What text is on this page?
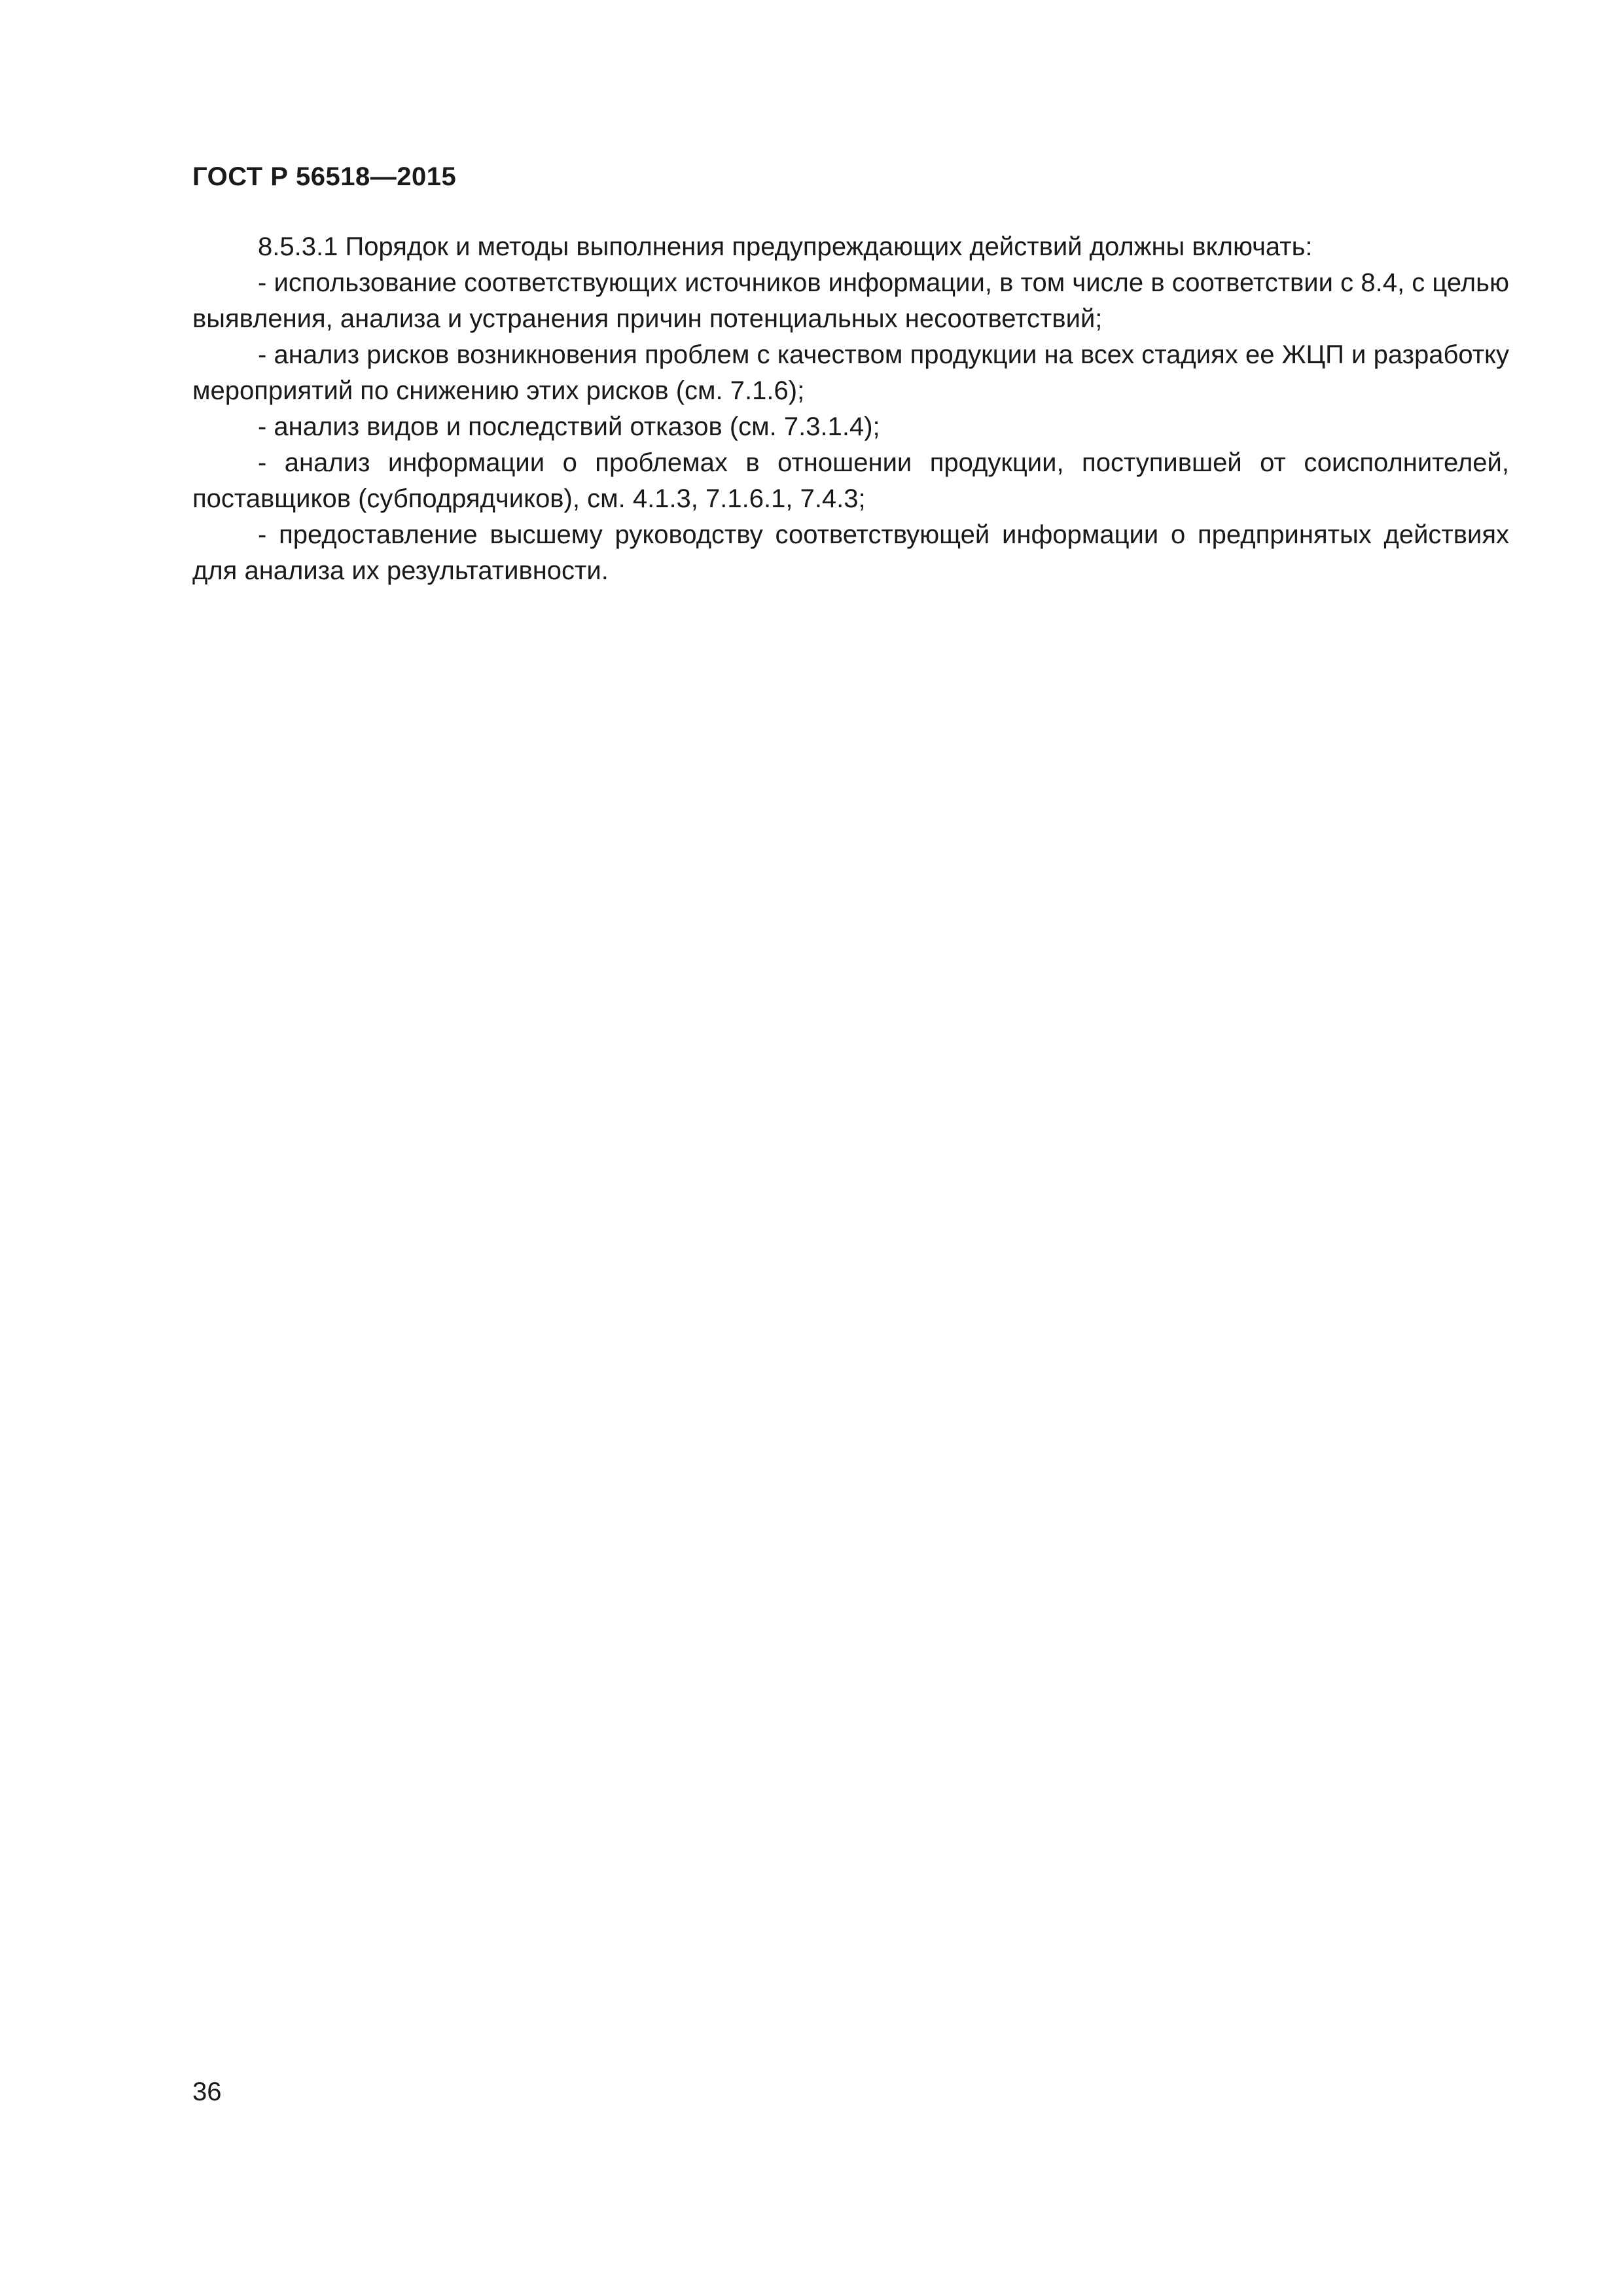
ГОСТ Р 56518—2015

8.5.3.1 Порядок и методы выполнения предупреждающих действий должны включать:

- использование соответствующих источников информации, в том числе в соответствии с 8.4, с целью выявления, анализа и устранения причин потенциальных несоответствий;

- анализ рисков возникновения проблем с качеством продукции на всех стадиях ее ЖЦП и разработку мероприятий по снижению этих рисков (см. 7.1.6);

- анализ видов и последствий отказов (см. 7.3.1.4);

- анализ информации о проблемах в отношении продукции, поступившей от соисполнителей, поставщиков (субподрядчиков), см. 4.1.3, 7.1.6.1, 7.4.3;

- предоставление высшему руководству соответствующей информации о предпринятых действиях для анализа их результативности.

36
